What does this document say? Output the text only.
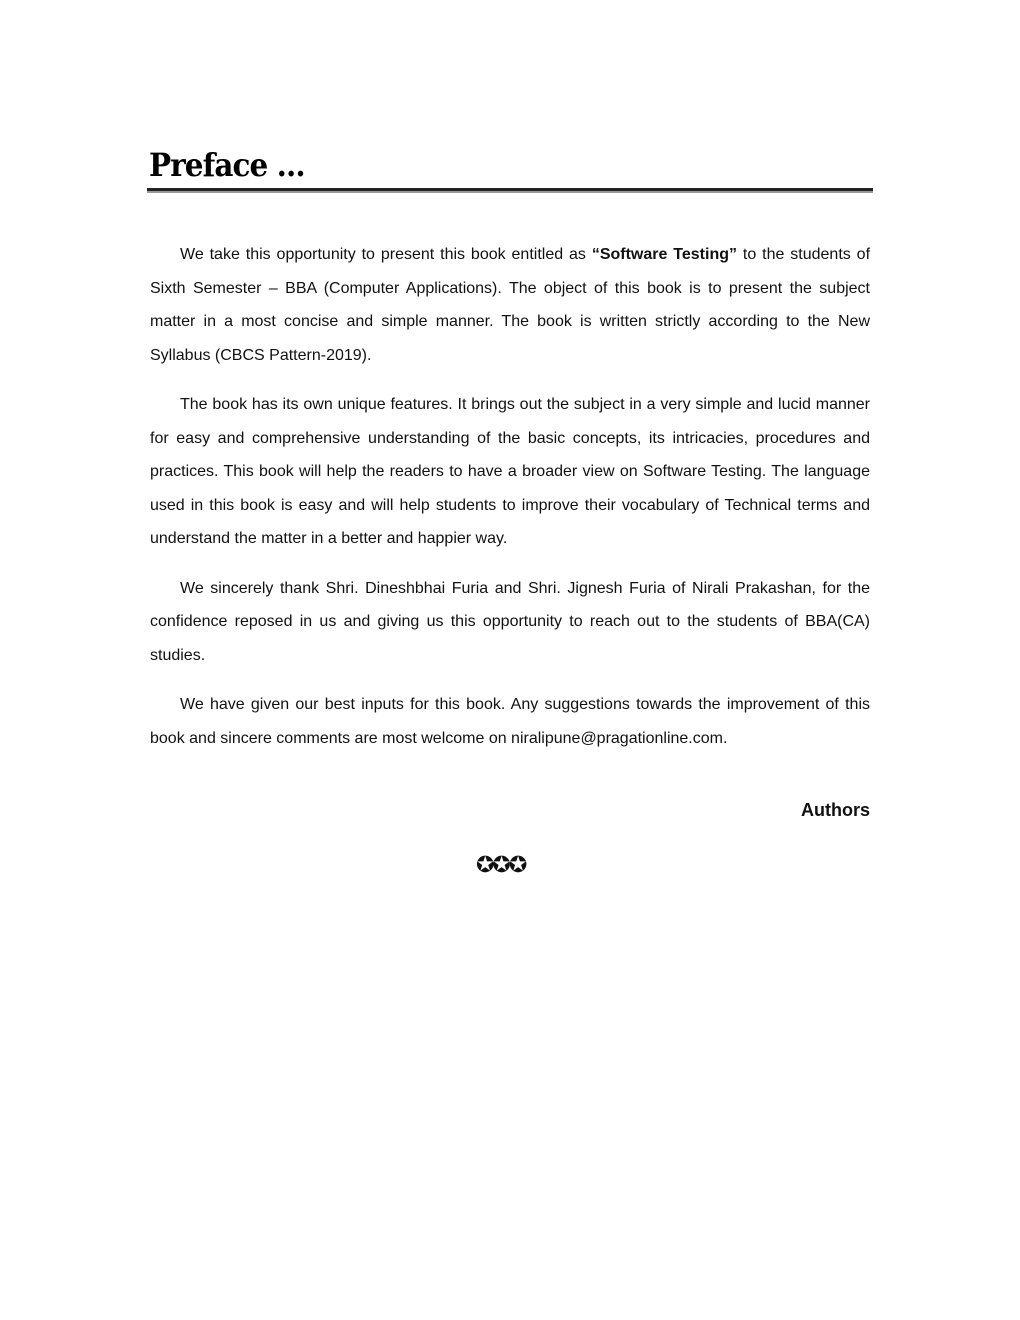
Preface ...

We take this opportunity to present this book entitled as “Software Testing” to the students of Sixth Semester – BBA (Computer Applications). The object of this book is to present the subject matter in a most concise and simple manner. The book is written strictly according to the New Syllabus (CBCS Pattern-2019).

The book has its own unique features. It brings out the subject in a very simple and lucid manner for easy and comprehensive understanding of the basic concepts, its intricacies, procedures and practices. This book will help the readers to have a broader view on Software Testing. The language used in this book is easy and will help students to improve their vocabulary of Technical terms and understand the matter in a better and happier way.

We sincerely thank Shri. Dineshbhai Furia and Shri. Jignesh Furia of Nirali Prakashan, for the confidence reposed in us and giving us this opportunity to reach out to the students of BBA(CA) studies.

We have given our best inputs for this book. Any suggestions towards the improvement of this book and sincere comments are most welcome on niralipune@pragationline.com.

Authors
✪✪✪
